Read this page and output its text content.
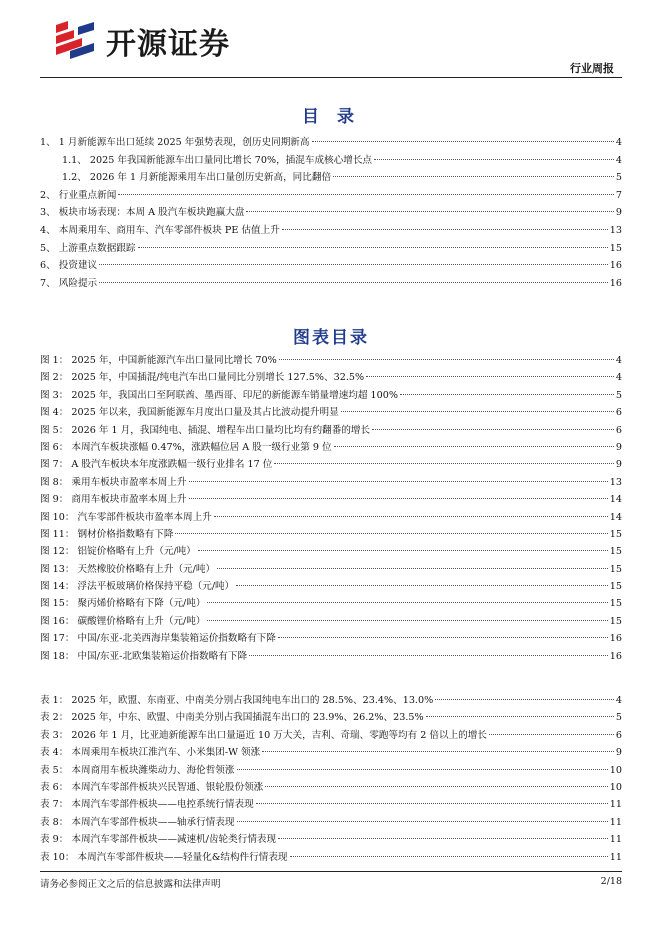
开源证券
行业周报
目 录
1、 1 月新能源车出口延续 2025 年强势表现，创历史同期新高	4
1.1、 2025 年我国新能源车出口量同比增长 70%，插混车成核心增长点	4
1.2、 2026 年 1 月新能源乘用车出口量创历史新高，同比翻倍	5
2、 行业重点新闻	7
3、 板块市场表现：本周 A 股汽车板块跑赢大盘	9
4、 本周乘用车、商用车、汽车零部件板块 PE 估值上升	13
5、 上游重点数据跟踪	15
6、 投资建议	16
7、 风险提示	16
图表目录
图 1： 2025 年，中国新能源汽车出口量同比增长 70%	4
图 2： 2025 年，中国插混/纯电汽车出口量同比分别增长 127.5%、32.5%	4
图 3： 2025 年，我国出口至阿联酋、墨西哥、印尼的新能源车销量增速均超 100%	5
图 4： 2025 年以来，我国新能源车月度出口量及其占比波动提升明显	6
图 5： 2026 年 1 月，我国纯电、插混、增程车出口量均比均有约翻番的增长	6
图 6： 本周汽车板块涨幅 0.47%，涨跌幅位居 A 股一级行业第 9 位	9
图 7： A 股汽车板块本年度涨跌幅一级行业排名 17 位	9
图 8： 乘用车板块市盈率本周上升	13
图 9： 商用车板块市盈率本周上升	14
图 10： 汽车零部件板块市盈率本周上升	14
图 11： 钢材价格指数略有下降	15
图 12： 铝锭价格略有上升（元/吨）	15
图 13： 天然橡胶价格略有上升（元/吨）	15
图 14： 浮法平板玻璃价格保持平稳（元/吨）	15
图 15： 聚丙烯价格略有下降（元/吨）	15
图 16： 碳酸锂价格略有上升（元/吨）	15
图 17： 中国/东亚-北美西海岸集装箱运价指数略有下降	16
图 18： 中国/东亚-北欧集装箱运价指数略有下降	16
表 1： 2025 年，欧盟、东南亚、中南美分别占我国纯电车出口的 28.5%、23.4%、13.0%	4
表 2： 2025 年，中东、欧盟、中南美分别占我国插混车出口的 23.9%、26.2%、23.5%	5
表 3： 2026 年 1 月，比亚迪新能源车出口量逼近 10 万大关，吉利、奇瑞、零跑等均有 2 倍以上的增长	6
表 4： 本周乘用车板块江淮汽车、小米集团-W 领涨	9
表 5： 本周商用车板块潍柴动力、海伦哲领涨	10
表 6： 本周汽车零部件板块兴民智通、银轮股份领涨	10
表 7： 本周汽车零部件板块——电控系统行情表现	11
表 8： 本周汽车零部件板块——轴承行情表现	11
表 9： 本周汽车零部件板块——减速机/齿轮类行情表现	11
表 10： 本周汽车零部件板块——轻量化&结构件行情表现	11
请务必参阅正文之后的信息披露和法律声明	2/18
